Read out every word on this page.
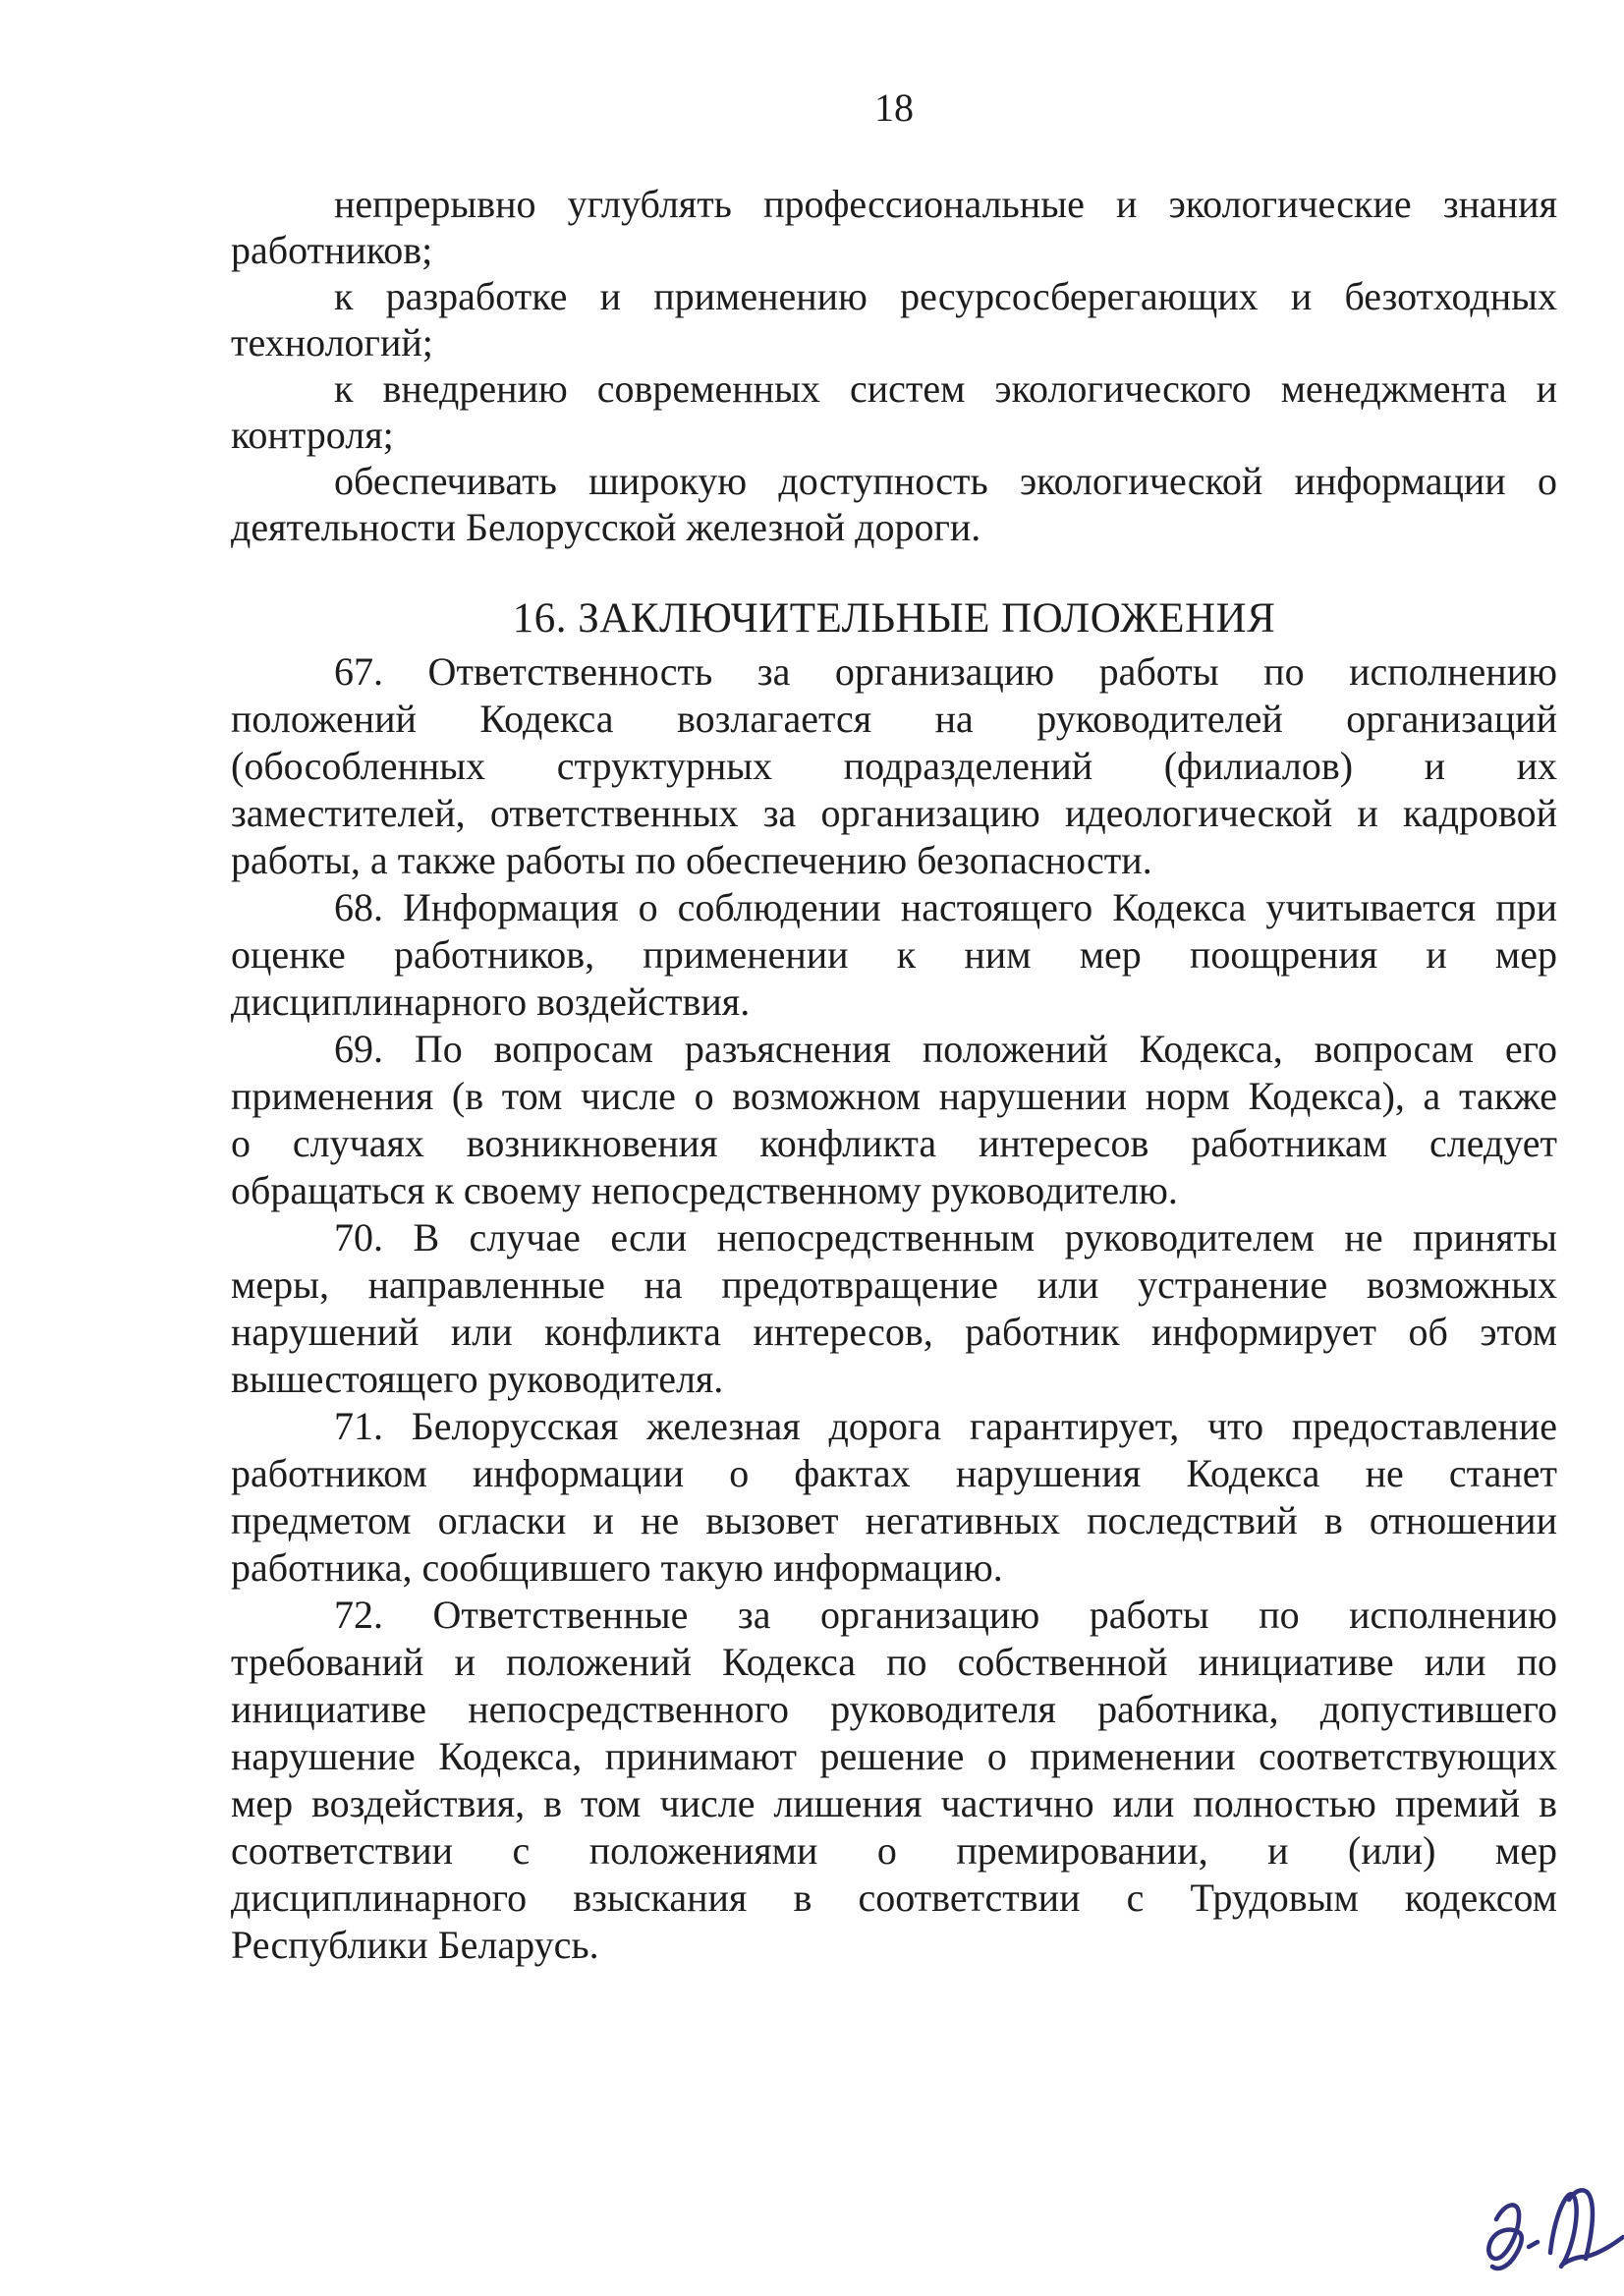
18
непрерывно углублять профессиональные и экологические знания
работников;
к разработке и применению ресурсосберегающих и безотходных
технологий;
к внедрению современных систем экологического менеджмента и
контроля;
обеспечивать широкую доступность экологической информации о
деятельности Белорусской железной дороги.
16. ЗАКЛЮЧИТЕЛЬНЫЕ ПОЛОЖЕНИЯ
67. Ответственность за организацию работы по исполнению
положений Кодекса возлагается на руководителей организаций
(обособленных структурных подразделений (филиалов) и их
заместителей, ответственных за организацию идеологической и кадровой
работы, а также работы по обеспечению безопасности.
68. Информация о соблюдении настоящего Кодекса учитывается при
оценке работников, применении к ним мер поощрения и мер
дисциплинарного воздействия.
69. По вопросам разъяснения положений Кодекса, вопросам его
применения (в том числе о возможном нарушении норм Кодекса), а также
о случаях возникновения конфликта интересов работникам следует
обращаться к своему непосредственному руководителю.
70. В случае если непосредственным руководителем не приняты
меры, направленные на предотвращение или устранение возможных
нарушений или конфликта интересов, работник информирует об этом
вышестоящего руководителя.
71. Белорусская железная дорога гарантирует, что предоставление
работником информации о фактах нарушения Кодекса не станет
предметом огласки и не вызовет негативных последствий в отношении
работника, сообщившего такую информацию.
72. Ответственные за организацию работы по исполнению
требований и положений Кодекса по собственной инициативе или по
инициативе непосредственного руководителя работника, допустившего
нарушение Кодекса, принимают решение о применении соответствующих
мер воздействия, в том числе лишения частично или полностью премий в
соответствии с положениями о премировании, и (или) мер
дисциплинарного взыскания в соответствии с Трудовым кодексом
Республики Беларусь.
